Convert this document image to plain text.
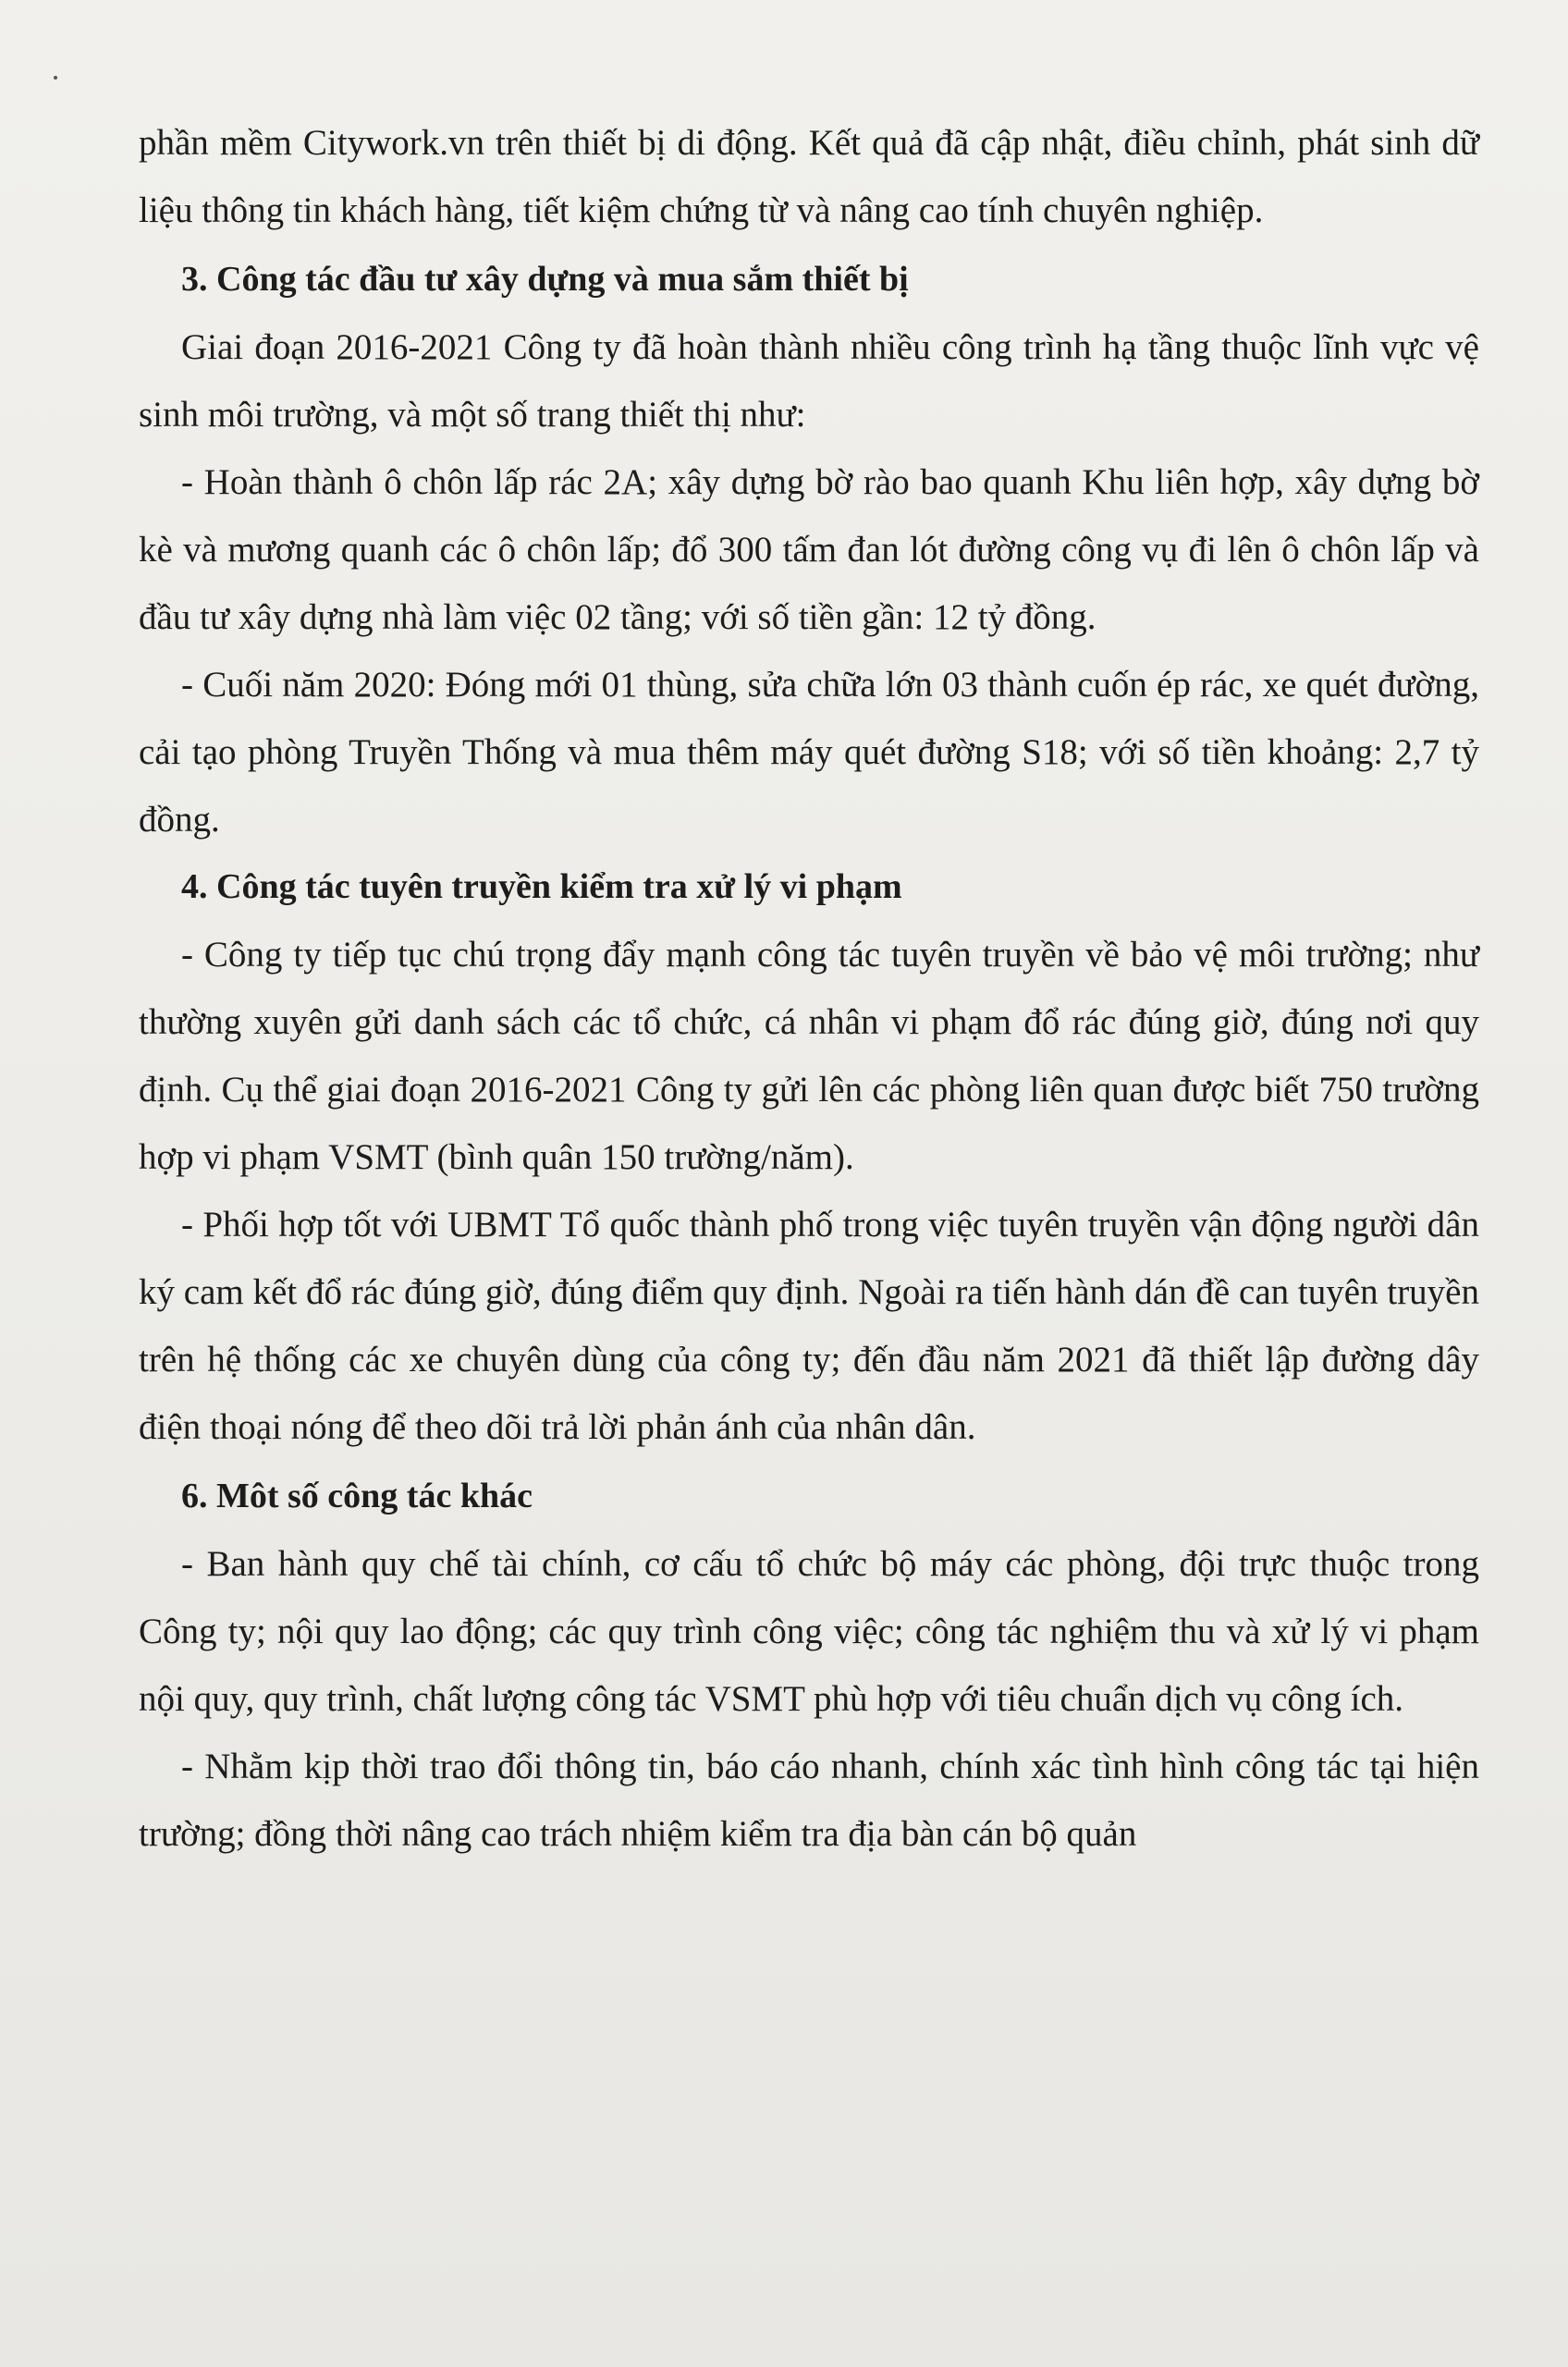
phần mềm Citywork.vn trên thiết bị di động. Kết quả đã cập nhật, điều chỉnh, phát sinh dữ liệu thông tin khách hàng, tiết kiệm chứng từ và nâng cao tính chuyên nghiệp.

3. Công tác đầu tư xây dựng và mua sắm thiết bị

Giai đoạn 2016-2021 Công ty đã hoàn thành nhiều công trình hạ tầng thuộc lĩnh vực vệ sinh môi trường, và một số trang thiết thị như:

- Hoàn thành ô chôn lấp rác 2A; xây dựng bờ rào bao quanh Khu liên hợp, xây dựng bờ kè và mương quanh các ô chôn lấp; đổ 300 tấm đan lót đường công vụ đi lên ô chôn lấp và đầu tư xây dựng nhà làm việc 02 tầng; với số tiền gần: 12 tỷ đồng.

- Cuối năm 2020: Đóng mới 01 thùng, sửa chữa lớn 03 thành cuốn ép rác, xe quét đường, cải tạo phòng Truyền Thống và mua thêm máy quét đường S18; với số tiền khoảng: 2,7 tỷ đồng.

4. Công tác tuyên truyền kiểm tra xử lý vi phạm

- Công ty tiếp tục chú trọng đẩy mạnh công tác tuyên truyền về bảo vệ môi trường; như thường xuyên gửi danh sách các tổ chức, cá nhân vi phạm đổ rác đúng giờ, đúng nơi quy định. Cụ thể giai đoạn 2016-2021 Công ty gửi lên các phòng liên quan được biết 750 trường hợp vi phạm VSMT (bình quân 150 trường/năm).

- Phối hợp tốt với UBMT Tổ quốc thành phố trong việc tuyên truyền vận động người dân ký cam kết đổ rác đúng giờ, đúng điểm quy định. Ngoài ra tiến hành dán đề can tuyên truyền trên hệ thống các xe chuyên dùng của công ty; đến đầu năm 2021 đã thiết lập đường dây điện thoại nóng để theo dõi trả lời phản ánh của nhân dân.

6. Môt số công tác khác

- Ban hành quy chế tài chính, cơ cấu tổ chức bộ máy các phòng, đội trực thuộc trong Công ty; nội quy lao động; các quy trình công việc; công tác nghiệm thu và xử lý vi phạm nội quy, quy trình, chất lượng công tác VSMT phù hợp với tiêu chuẩn dịch vụ công ích.

- Nhằm kịp thời trao đổi thông tin, báo cáo nhanh, chính xác tình hình công tác tại hiện trường; đồng thời nâng cao trách nhiệm kiểm tra địa bàn cán bộ quản
